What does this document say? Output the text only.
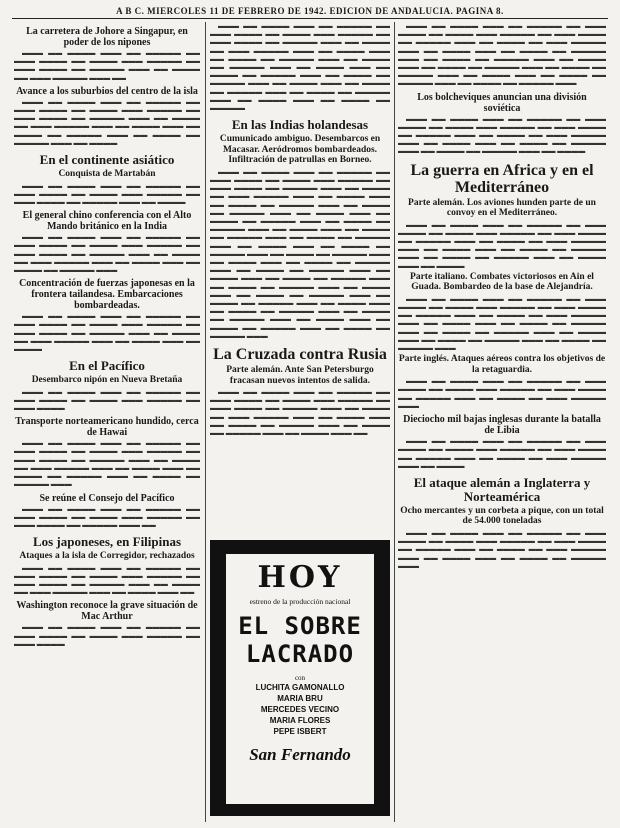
A B C. MIERCOLES 11 DE FEBRERO DE 1942. EDICION DE ANDALUCIA. PAGINA 8.
La carretera de Johore a Singapur, en poder de los nipones

▬▬▬ ▬▬ ▬▬▬▬ ▬▬▬ ▬▬ ▬▬▬▬▬ ▬▬ ▬▬▬ ▬▬▬▬ ▬▬ ▬▬▬▬ ▬▬▬ ▬▬▬▬▬ ▬▬ ▬▬▬ ▬▬▬▬ ▬▬ ▬▬▬▬▬ ▬▬▬ ▬▬ ▬▬▬▬ ▬▬ ▬▬▬ ▬▬▬▬▬ ▬▬▬ ▬▬

Avance a los suburbios del centro de la isla

▬▬▬ ▬▬ ▬▬▬▬ ▬▬▬ ▬▬ ▬▬▬▬▬ ▬▬ ▬▬▬ ▬▬▬▬ ▬▬ ▬▬▬▬ ▬▬▬ ▬▬▬▬▬ ▬▬ ▬▬▬ ▬▬▬▬ ▬▬ ▬▬▬▬▬ ▬▬▬ ▬▬ ▬▬▬▬ ▬▬ ▬▬▬ ▬▬▬▬▬ ▬▬▬ ▬▬ ▬▬▬▬ ▬▬▬ ▬▬ ▬▬▬▬ ▬▬ ▬▬▬▬▬ ▬▬▬ ▬▬ ▬▬▬▬ ▬▬ ▬▬▬▬▬ ▬▬▬ ▬▬ ▬▬▬▬

En el continente asiático
Conquista de Martabán

▬▬▬ ▬▬ ▬▬▬▬ ▬▬▬ ▬▬ ▬▬▬▬▬ ▬▬ ▬▬▬ ▬▬▬▬ ▬▬ ▬▬▬▬ ▬▬▬ ▬▬▬▬▬ ▬▬ ▬▬▬ ▬▬▬▬ ▬▬ ▬▬▬▬▬ ▬▬▬ ▬▬ ▬▬▬▬

El general chino conferencia con el Alto Mando británico en la India

▬▬▬ ▬▬ ▬▬▬▬ ▬▬▬ ▬▬ ▬▬▬▬▬ ▬▬ ▬▬▬ ▬▬▬▬ ▬▬ ▬▬▬▬ ▬▬▬ ▬▬▬▬▬ ▬▬ ▬▬▬ ▬▬▬▬ ▬▬ ▬▬▬▬▬ ▬▬▬ ▬▬ ▬▬▬▬ ▬▬ ▬▬▬ ▬▬▬▬▬ ▬▬▬ ▬▬ ▬▬▬▬ ▬▬▬ ▬▬ ▬▬▬▬ ▬▬ ▬▬▬▬▬ ▬▬▬

Concentración de fuerzas japonesas en la frontera tailandesa. Embarcaciones bombardeadas.

▬▬▬ ▬▬ ▬▬▬▬ ▬▬▬ ▬▬ ▬▬▬▬▬ ▬▬ ▬▬▬ ▬▬▬▬ ▬▬ ▬▬▬▬ ▬▬▬ ▬▬▬▬▬ ▬▬ ▬▬▬ ▬▬▬▬ ▬▬ ▬▬▬▬▬ ▬▬▬ ▬▬ ▬▬▬▬ ▬▬ ▬▬▬ ▬▬▬▬▬ ▬▬▬ ▬▬ ▬▬▬▬ ▬▬▬ ▬▬ ▬▬▬▬

En el Pacífico
Desembarco nipón en Nueva Bretaña

▬▬▬ ▬▬ ▬▬▬▬ ▬▬▬ ▬▬ ▬▬▬▬▬ ▬▬ ▬▬▬ ▬▬▬▬ ▬▬ ▬▬▬▬ ▬▬▬ ▬▬▬▬▬ ▬▬ ▬▬▬ ▬▬▬▬

Transporte norteamericano hundido, cerca de Hawai

▬▬▬ ▬▬ ▬▬▬▬ ▬▬▬ ▬▬ ▬▬▬▬▬ ▬▬ ▬▬▬ ▬▬▬▬ ▬▬ ▬▬▬▬ ▬▬▬ ▬▬▬▬▬ ▬▬ ▬▬▬ ▬▬▬▬ ▬▬ ▬▬▬▬▬ ▬▬▬ ▬▬ ▬▬▬▬ ▬▬ ▬▬▬ ▬▬▬▬▬ ▬▬▬ ▬▬ ▬▬▬▬ ▬▬▬ ▬▬ ▬▬▬▬ ▬▬ ▬▬▬▬▬ ▬▬▬ ▬▬ ▬▬▬▬ ▬▬ ▬▬▬▬▬ ▬▬▬

Se reúne el Consejo del Pacífico

▬▬▬ ▬▬ ▬▬▬▬ ▬▬▬ ▬▬ ▬▬▬▬▬ ▬▬ ▬▬▬ ▬▬▬▬ ▬▬ ▬▬▬▬ ▬▬▬ ▬▬▬▬▬ ▬▬ ▬▬▬ ▬▬▬▬ ▬▬ ▬▬▬▬▬ ▬▬▬ ▬▬

Los japoneses, en Filipinas
Ataques a la isla de Corregidor, rechazados

▬▬▬ ▬▬ ▬▬▬▬ ▬▬▬ ▬▬ ▬▬▬▬▬ ▬▬ ▬▬▬ ▬▬▬▬ ▬▬ ▬▬▬▬ ▬▬▬ ▬▬▬▬▬ ▬▬ ▬▬▬ ▬▬▬▬ ▬▬ ▬▬▬▬▬ ▬▬▬ ▬▬ ▬▬▬▬ ▬▬ ▬▬▬ ▬▬▬▬▬ ▬▬▬ ▬▬ ▬▬▬▬ ▬▬▬ ▬▬

Washington reconoce la grave situación de Mac Arthur

▬▬▬ ▬▬ ▬▬▬▬ ▬▬▬ ▬▬ ▬▬▬▬▬ ▬▬ ▬▬▬ ▬▬▬▬ ▬▬ ▬▬▬▬ ▬▬▬ ▬▬▬▬▬ ▬▬ ▬▬▬ ▬▬▬▬

▬▬▬ ▬▬ ▬▬▬▬ ▬▬▬ ▬▬ ▬▬▬▬▬ ▬▬ ▬▬▬ ▬▬▬▬ ▬▬ ▬▬▬▬ ▬▬▬ ▬▬▬▬▬ ▬▬ ▬▬▬ ▬▬▬▬ ▬▬ ▬▬▬▬▬ ▬▬▬ ▬▬ ▬▬▬▬ ▬▬ ▬▬▬ ▬▬▬▬▬ ▬▬▬ ▬▬ ▬▬▬▬ ▬▬▬ ▬▬ ▬▬▬▬ ▬▬ ▬▬▬▬▬ ▬▬▬ ▬▬ ▬▬▬▬ ▬▬ ▬▬▬▬▬ ▬▬▬ ▬▬ ▬▬▬▬ ▬▬▬ ▬▬ ▬▬▬▬ ▬▬ ▬▬▬▬▬ ▬▬▬ ▬▬ ▬▬▬▬ ▬▬ ▬▬▬▬▬ ▬▬▬ ▬▬ ▬▬▬▬ ▬▬▬ ▬▬ ▬▬▬▬ ▬▬ ▬▬▬▬▬ ▬▬▬ ▬▬ ▬▬▬▬ ▬▬ ▬▬▬▬▬ ▬▬▬ ▬▬ ▬▬▬▬ ▬▬▬ ▬▬ ▬▬▬▬ ▬▬ ▬▬▬▬▬

En las Indias holandesas
Cumunicado ambiguo. Desembarcos en Macasar. Aeródromos bombardeados. Infiltración de patrullas en Borneo.

▬▬▬ ▬▬ ▬▬▬▬ ▬▬▬ ▬▬ ▬▬▬▬▬ ▬▬ ▬▬▬ ▬▬▬▬ ▬▬ ▬▬▬▬ ▬▬▬ ▬▬▬▬▬ ▬▬ ▬▬▬ ▬▬▬▬ ▬▬ ▬▬▬▬▬ ▬▬▬ ▬▬ ▬▬▬▬ ▬▬ ▬▬▬ ▬▬▬▬▬ ▬▬▬ ▬▬ ▬▬▬▬ ▬▬▬ ▬▬ ▬▬▬▬ ▬▬ ▬▬▬▬▬ ▬▬▬ ▬▬ ▬▬▬▬ ▬▬ ▬▬▬▬▬ ▬▬▬ ▬▬ ▬▬▬▬ ▬▬▬ ▬▬ ▬▬▬▬ ▬▬ ▬▬▬▬▬ ▬▬▬ ▬▬ ▬▬▬▬ ▬▬ ▬▬▬▬▬ ▬▬▬ ▬▬ ▬▬▬▬ ▬▬▬ ▬▬ ▬▬▬▬ ▬▬ ▬▬▬▬▬ ▬▬▬ ▬▬ ▬▬▬▬ ▬▬ ▬▬▬▬▬ ▬▬▬ ▬▬ ▬▬▬▬ ▬▬▬ ▬▬ ▬▬▬▬ ▬▬ ▬▬▬▬▬ ▬▬▬ ▬▬ ▬▬▬▬ ▬▬ ▬▬▬▬▬ ▬▬▬ ▬▬ ▬▬▬▬ ▬▬▬ ▬▬ ▬▬▬▬ ▬▬ ▬▬▬▬▬ ▬▬▬ ▬▬ ▬▬▬▬ ▬▬ ▬▬▬▬▬ ▬▬▬ ▬▬ ▬▬▬▬ ▬▬▬ ▬▬ ▬▬▬▬ ▬▬ ▬▬▬▬▬ ▬▬▬ ▬▬ ▬▬▬▬ ▬▬ ▬▬▬▬▬ ▬▬▬ ▬▬ ▬▬▬▬ ▬▬▬ ▬▬ ▬▬▬▬ ▬▬ ▬▬▬▬▬ ▬▬▬ ▬▬ ▬▬▬▬ ▬▬ ▬▬▬▬▬ ▬▬▬ ▬▬ ▬▬▬▬ ▬▬▬ ▬▬ ▬▬▬▬ ▬▬ ▬▬▬▬▬ ▬▬▬ ▬▬ ▬▬▬▬ ▬▬ ▬▬▬▬▬ ▬▬▬ ▬▬ ▬▬▬▬ ▬▬▬ ▬▬ ▬▬▬▬ ▬▬ ▬▬▬▬▬ ▬▬▬ ▬▬ ▬▬▬▬ ▬▬ ▬▬▬▬▬ ▬▬▬

La Cruzada contra Rusia
Parte alemán. Ante San Petersburgo fracasan nuevos intentos de salida.

▬▬▬ ▬▬ ▬▬▬▬ ▬▬▬ ▬▬ ▬▬▬▬▬ ▬▬ ▬▬▬ ▬▬▬▬ ▬▬ ▬▬▬▬ ▬▬▬ ▬▬▬▬▬ ▬▬ ▬▬▬ ▬▬▬▬ ▬▬ ▬▬▬▬▬ ▬▬▬ ▬▬ ▬▬▬▬ ▬▬ ▬▬▬ ▬▬▬▬▬ ▬▬▬ ▬▬ ▬▬▬▬ ▬▬▬ ▬▬ ▬▬▬▬ ▬▬ ▬▬▬▬▬ ▬▬▬ ▬▬ ▬▬▬▬ ▬▬ ▬▬▬▬▬ ▬▬▬ ▬▬ ▬▬▬▬ ▬▬▬ ▬▬

HOY
estreno de la producción nacional
EL SOBRE
LACRADO
con
LUCHITA GAMONALLO
MARIA BRU
MERCEDES VECINO
MARIA FLORES
PEPE ISBERT
San Fernando

▬▬▬ ▬▬ ▬▬▬▬ ▬▬▬ ▬▬ ▬▬▬▬▬ ▬▬ ▬▬▬ ▬▬▬▬ ▬▬ ▬▬▬▬ ▬▬▬ ▬▬▬▬▬ ▬▬ ▬▬▬ ▬▬▬▬ ▬▬ ▬▬▬▬▬ ▬▬▬ ▬▬ ▬▬▬▬ ▬▬ ▬▬▬ ▬▬▬▬▬ ▬▬▬ ▬▬ ▬▬▬▬ ▬▬▬ ▬▬ ▬▬▬▬ ▬▬ ▬▬▬▬▬ ▬▬▬ ▬▬ ▬▬▬▬ ▬▬ ▬▬▬▬▬ ▬▬▬ ▬▬ ▬▬▬▬ ▬▬▬ ▬▬ ▬▬▬▬ ▬▬ ▬▬▬▬▬ ▬▬▬ ▬▬ ▬▬▬▬ ▬▬ ▬▬▬▬▬ ▬▬▬ ▬▬ ▬▬▬▬ ▬▬▬ ▬▬ ▬▬▬▬ ▬▬ ▬▬▬▬▬ ▬▬▬ ▬▬ ▬▬▬▬ ▬▬ ▬▬▬▬▬ ▬▬▬

Los bolcheviques anuncian una división soviética

▬▬▬ ▬▬ ▬▬▬▬ ▬▬▬ ▬▬ ▬▬▬▬▬ ▬▬ ▬▬▬ ▬▬▬▬ ▬▬ ▬▬▬▬ ▬▬▬ ▬▬▬▬▬ ▬▬ ▬▬▬ ▬▬▬▬ ▬▬ ▬▬▬▬▬ ▬▬▬ ▬▬ ▬▬▬▬ ▬▬ ▬▬▬ ▬▬▬▬▬ ▬▬▬ ▬▬ ▬▬▬▬ ▬▬▬ ▬▬ ▬▬▬▬ ▬▬ ▬▬▬▬▬ ▬▬▬ ▬▬ ▬▬▬▬ ▬▬ ▬▬▬▬▬ ▬▬▬ ▬▬ ▬▬▬▬

La guerra en Africa y en el Mediterráneo
Parte alemán. Los aviones hunden parte de un convoy en el Mediterráneo.

▬▬▬ ▬▬ ▬▬▬▬ ▬▬▬ ▬▬ ▬▬▬▬▬ ▬▬ ▬▬▬ ▬▬▬▬ ▬▬ ▬▬▬▬ ▬▬▬ ▬▬▬▬▬ ▬▬ ▬▬▬ ▬▬▬▬ ▬▬ ▬▬▬▬▬ ▬▬▬ ▬▬ ▬▬▬▬ ▬▬ ▬▬▬ ▬▬▬▬▬ ▬▬▬ ▬▬ ▬▬▬▬ ▬▬▬ ▬▬ ▬▬▬▬ ▬▬ ▬▬▬▬▬ ▬▬▬ ▬▬ ▬▬▬▬ ▬▬ ▬▬▬▬▬ ▬▬▬ ▬▬ ▬▬▬▬ ▬▬▬ ▬▬ ▬▬▬▬

Parte italiano. Combates victoriosos en Ain el Guada. Bombardeo de la base de Alejandría.

▬▬▬ ▬▬ ▬▬▬▬ ▬▬▬ ▬▬ ▬▬▬▬▬ ▬▬ ▬▬▬ ▬▬▬▬ ▬▬ ▬▬▬▬ ▬▬▬ ▬▬▬▬▬ ▬▬ ▬▬▬ ▬▬▬▬ ▬▬ ▬▬▬▬▬ ▬▬▬ ▬▬ ▬▬▬▬ ▬▬ ▬▬▬ ▬▬▬▬▬ ▬▬▬ ▬▬ ▬▬▬▬ ▬▬▬ ▬▬ ▬▬▬▬ ▬▬ ▬▬▬▬▬ ▬▬▬ ▬▬ ▬▬▬▬ ▬▬ ▬▬▬▬▬ ▬▬▬ ▬▬ ▬▬▬▬ ▬▬▬ ▬▬ ▬▬▬▬ ▬▬ ▬▬▬▬▬ ▬▬▬ ▬▬ ▬▬▬▬ ▬▬ ▬▬▬▬▬ ▬▬▬

Parte inglés. Ataques aéreos contra los objetivos de la retaguardia.

▬▬▬ ▬▬ ▬▬▬▬ ▬▬▬ ▬▬ ▬▬▬▬▬ ▬▬ ▬▬▬ ▬▬▬▬ ▬▬ ▬▬▬▬ ▬▬▬ ▬▬▬▬▬ ▬▬ ▬▬▬ ▬▬▬▬ ▬▬ ▬▬▬▬▬ ▬▬▬ ▬▬ ▬▬▬▬ ▬▬ ▬▬▬ ▬▬▬▬▬ ▬▬▬

Dieciocho mil bajas inglesas durante la batalla de Libia

▬▬▬ ▬▬ ▬▬▬▬ ▬▬▬ ▬▬ ▬▬▬▬▬ ▬▬ ▬▬▬ ▬▬▬▬ ▬▬ ▬▬▬▬ ▬▬▬ ▬▬▬▬▬ ▬▬ ▬▬▬ ▬▬▬▬ ▬▬ ▬▬▬▬▬ ▬▬▬ ▬▬ ▬▬▬▬ ▬▬ ▬▬▬ ▬▬▬▬▬ ▬▬▬ ▬▬ ▬▬▬▬

El ataque alemán a Inglaterra y Norteamérica
Ocho mercantes y un corbeta a pique, con un total de 54.000 toneladas

▬▬▬ ▬▬ ▬▬▬▬ ▬▬▬ ▬▬ ▬▬▬▬▬ ▬▬ ▬▬▬ ▬▬▬▬ ▬▬ ▬▬▬▬ ▬▬▬ ▬▬▬▬▬ ▬▬ ▬▬▬ ▬▬▬▬ ▬▬ ▬▬▬▬▬ ▬▬▬ ▬▬ ▬▬▬▬ ▬▬ ▬▬▬ ▬▬▬▬▬ ▬▬▬ ▬▬ ▬▬▬▬ ▬▬▬ ▬▬ ▬▬▬▬ ▬▬ ▬▬▬▬▬ ▬▬▬
